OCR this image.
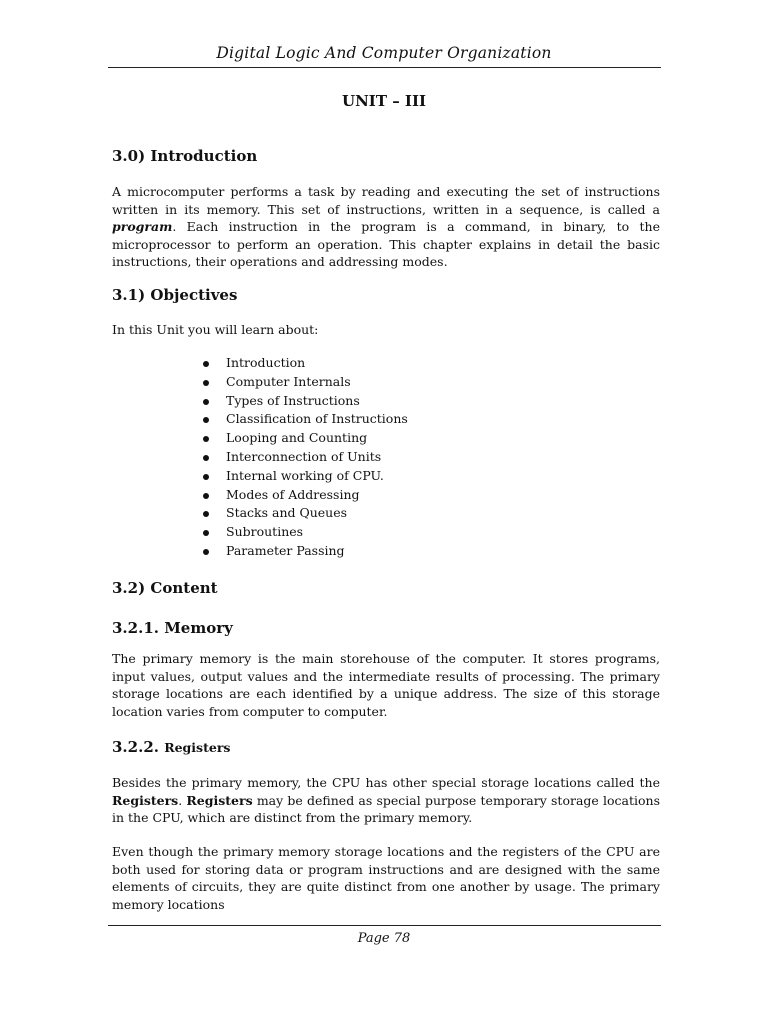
Digital Logic And Computer Organization
UNIT – III
3.0) Introduction
A microcomputer performs a task by reading and executing the set of instructions written in its memory. This set of instructions, written in a sequence, is called a program. Each instruction in the program is a command, in binary, to the microprocessor to perform an operation. This chapter explains in detail the basic instructions, their operations and addressing modes.
3.1) Objectives
In this Unit you will learn about:
Introduction
Computer Internals
Types of Instructions
Classification of Instructions
Looping and Counting
Interconnection of Units
Internal working of CPU.
Modes of Addressing
Stacks and Queues
Subroutines
Parameter Passing
3.2) Content
3.2.1. Memory
The primary memory is the main storehouse of the computer. It stores programs, input values, output values and the intermediate results of processing. The primary storage locations are each identified by a unique address. The size of this storage location varies from computer to computer.
3.2.2. Registers
Besides the primary memory, the CPU has other special storage locations called the Registers. Registers may be defined as special purpose temporary storage locations in the CPU, which are distinct from the primary memory.
Even though the primary memory storage locations and the registers of the CPU are both used for storing data or program instructions and are designed with the same elements of circuits, they are quite distinct from one another by usage. The primary memory locations
Page 78
